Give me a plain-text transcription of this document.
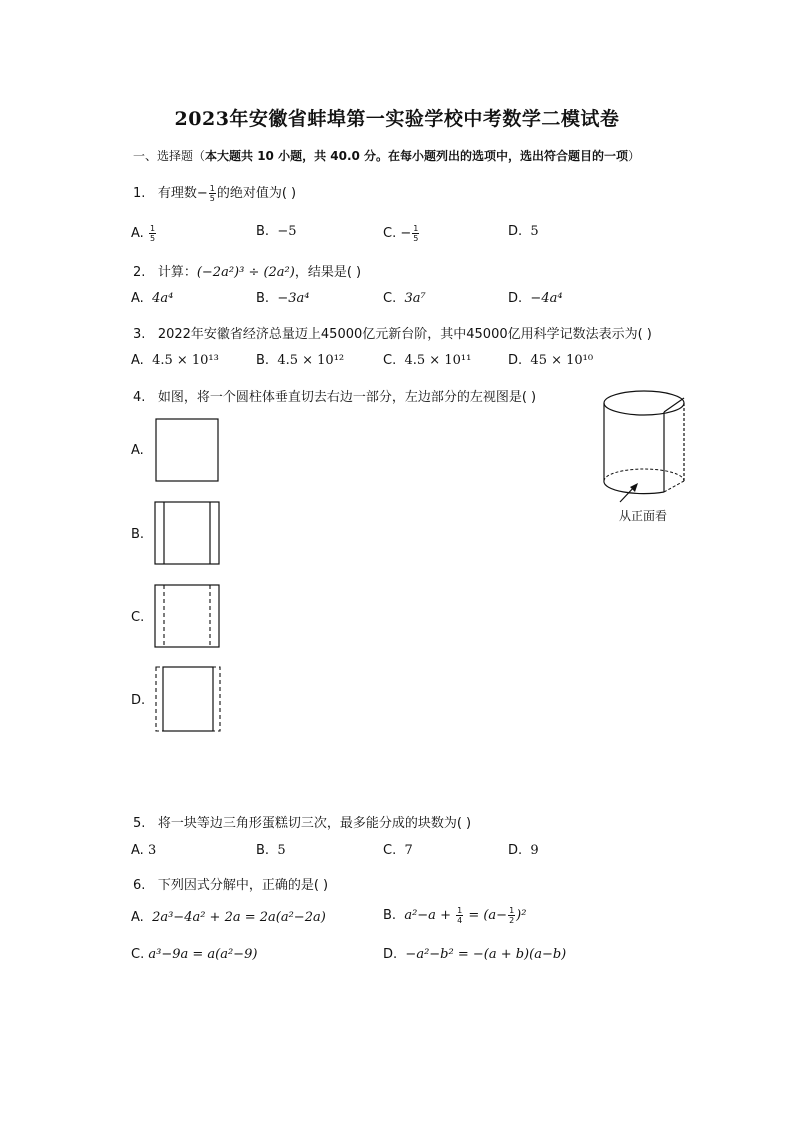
2023年安徽省蚌埠第一实验学校中考数学二模试卷
一、选择题（本大题共 10 小题，共 40.0 分。在每小题列出的选项中，选出符合题目的一项）
1. 有理数− $\frac{1}{5}$ 的绝对值为( )
A. $\frac{1}{5}$	B. −5	C. − $\frac{1}{5}$	D. 5
2. 计算：(−2a²)³ ÷ (2a²)，结果是( )
A. 4a⁴	B. −3a⁴	C. 3a⁷	D. −4a⁴
3. 2022年安徽省经济总量迈上45000亿元新台阶，其中45000亿用科学记数法表示为( )
A. 4.5 × 10¹³	B. 4.5 × 10¹²	C. 4.5 × 10¹¹	D. 45 × 10¹⁰
4. 如图，将一个圆柱体垂直切去右边一部分，左边部分的左视图是( )
从正面看
A.
B.
C.
D.
5. 将一块等边三角形蛋糕切三次，最多能分成的块数为( )
A. 3	B. 5	C. 7	D. 9
6. 下列因式分解中，正确的是( )
A. 2a³−4a² + 2a = 2a(a²−2a)	B. $a^2-a + \frac{1}{4} = (a- \frac{1}{2} )^2$
C. a³−9a = a(a²−9)	D. −a²−b² = −(a + b)(a−b)
